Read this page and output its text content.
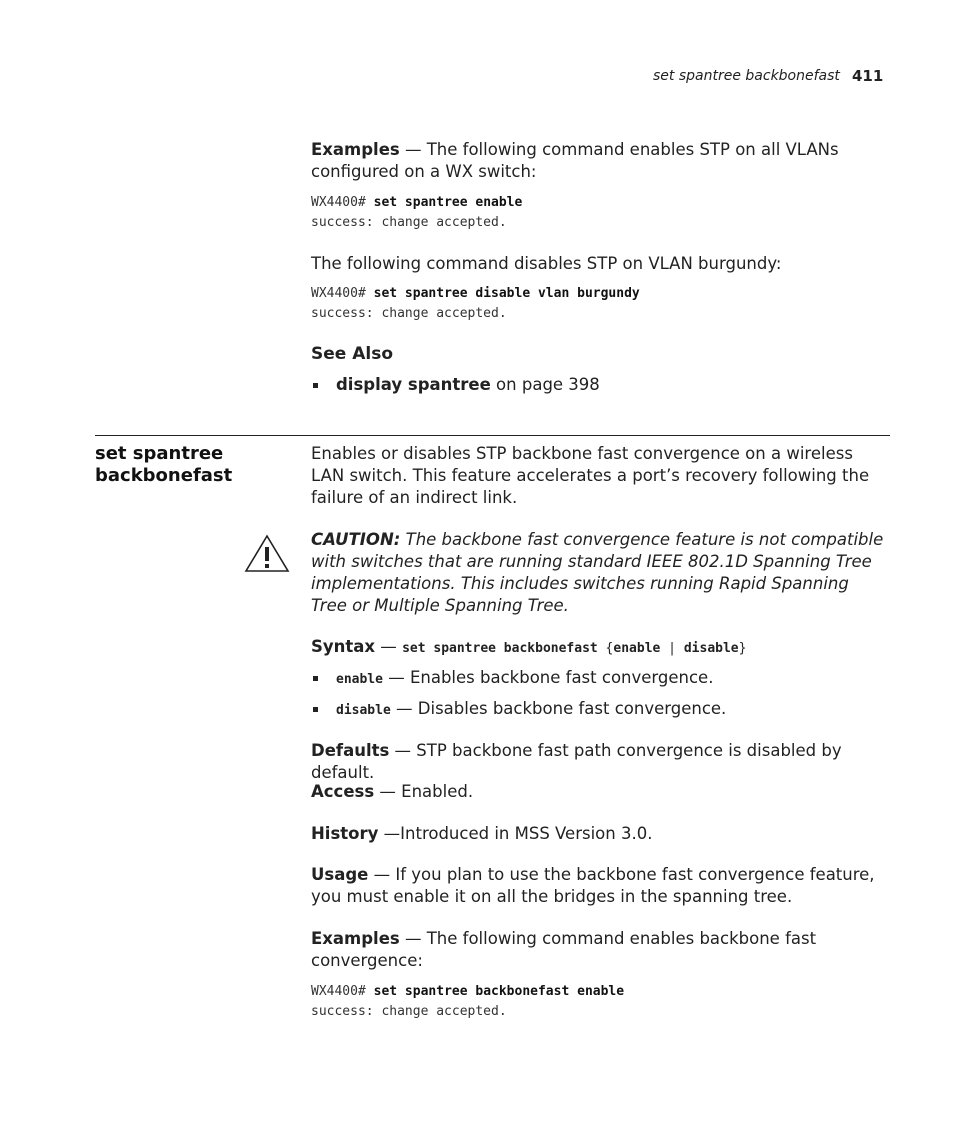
set spantree backbonefast 411

Examples — The following command enables STP on all VLANs configured on a WX switch:

WX4400# set spantree enable
success: change accepted.

The following command disables STP on VLAN burgundy:

WX4400# set spantree disable vlan burgundy
success: change accepted.
See Also

display spantree on page 398

set spantree
backbonefast

Enables or disables STP backbone fast convergence on a wireless LAN switch. This feature accelerates a port’s recovery following the failure of an indirect link.

CAUTION: The backbone fast convergence feature is not compatible with switches that are running standard IEEE 802.1D Spanning Tree implementations. This includes switches running Rapid Spanning Tree or Multiple Spanning Tree.

Syntax — set spantree backbonefast {enable | disable}

enable — Enables backbone fast convergence.

disable — Disables backbone fast convergence.

Defaults — STP backbone fast path convergence is disabled by default.

Access — Enabled.

History —Introduced in MSS Version 3.0.

Usage — If you plan to use the backbone fast convergence feature, you must enable it on all the bridges in the spanning tree.

Examples — The following command enables backbone fast convergence:

WX4400# set spantree backbonefast enable
success: change accepted.
